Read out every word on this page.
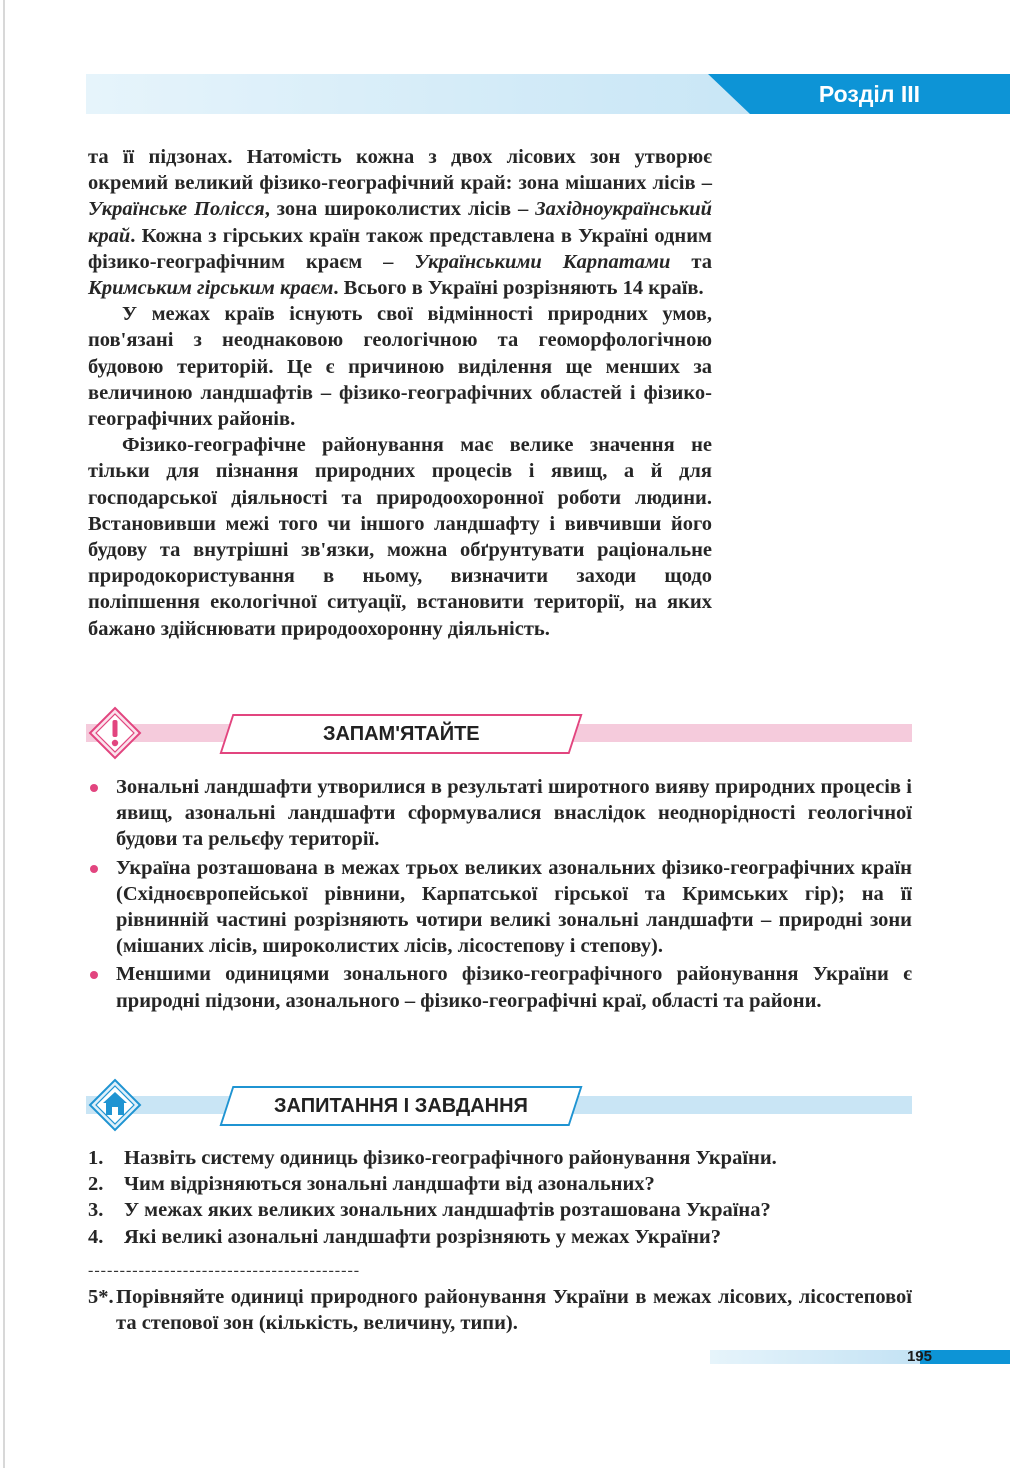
Розділ ІІІ

та її підзонах. Натомість кожна з двох лісових зон утворює окремий великий фізико-географічний край: зона мішаних лісів – Українське Полісся, зона широколистих лісів – Західноукраїнський край. Кожна з гірських країн також представлена в Україні одним фізико-географічним краєм – Українськими Карпатами та Кримським гірським краєм. Всього в Україні розрізняють 14 країв.

У межах країв існують свої відмінності природних умов, пов'язані з неоднаковою геологічною та геоморфологічною будовою територій. Це є причиною виділення ще менших за величиною ландшафтів – фізико-географічних областей і фізико-географічних районів.

Фізико-географічне районування має велике значення не тільки для пізнання природних процесів і явищ, а й для господарської діяльності та природоохоронної роботи людини. Встановивши межі того чи іншого ландшафту і вивчивши його будову та внутрішні зв'язки, можна обґрунтувати раціональне природокористування в ньому, визначити заходи щодо поліпшення екологічної ситуації, встановити території, на яких бажано здійснювати природоохоронну діяльність.

ЗАПАМ'ЯТАЙТЕ
Зональні ландшафти утворилися в результаті широтного вияву природних процесів і явищ, азональні ландшафти сформувалися внаслідок неоднорідності геологічної будови та рельєфу території.
Україна розташована в межах трьох великих азональних фізико-географічних країн (Східноєвропейської рівнини, Карпатської гірської та Кримських гір); на її рівнинній частині розрізняють чотири великі зональні ландшафти – природні зони (мішаних лісів, широколистих лісів, лісостепову і степову).
Меншими одиницями зонального фізико-географічного районування України є природні підзони, азонального – фізико-географічні краї, області та райони.
ЗАПИТАННЯ І ЗАВДАННЯ
1.	Назвіть систему одиниць фізико-географічного районування України.
2.	Чим відрізняються зональні ландшафти від азональних?
3.	У межах яких великих зональних ландшафтів розташована Україна?
4.	Які великі азональні ландшафти розрізняють у межах України?
-------------------------------------------
5*. Порівняйте одиниці природного районування України в межах лісових, лісостепової та степової зон (кількість, величину, типи).
195
